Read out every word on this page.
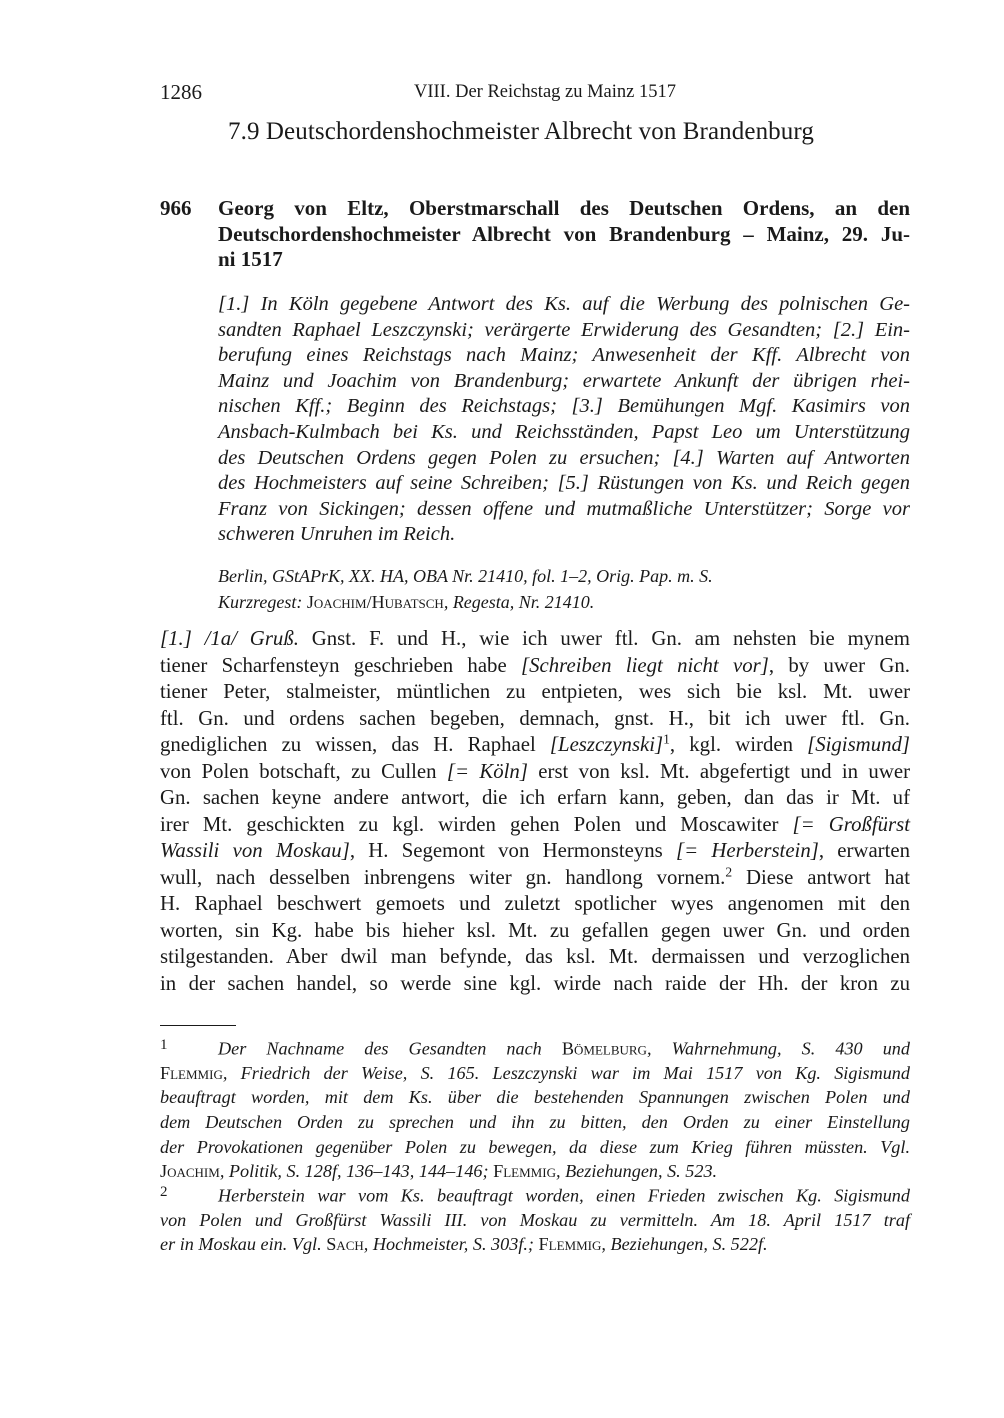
1286	VIII. Der Reichstag zu Mainz 1517
7.9 Deutschordenshochmeister Albrecht von Brandenburg
966 Georg von Eltz, Oberstmarschall des Deutschen Ordens, an den
Deutschordenshochmeister Albrecht von Brandenburg – Mainz, 29. Ju-
ni 1517
[1.] In Köln gegebene Antwort des Ks. auf die Werbung des polnischen Ge-
sandten Raphael Leszczynski; verärgerte Erwiderung des Gesandten; [2.] Ein-
berufung eines Reichstags nach Mainz; Anwesenheit der Kff. Albrecht von
Mainz und Joachim von Brandenburg; erwartete Ankunft der übrigen rhei-
nischen Kff.; Beginn des Reichstags; [3.] Bemühungen Mgf. Kasimirs von
Ansbach-Kulmbach bei Ks. und Reichsständen, Papst Leo um Unterstützung
des Deutschen Ordens gegen Polen zu ersuchen; [4.] Warten auf Antworten
des Hochmeisters auf seine Schreiben; [5.] Rüstungen von Ks. und Reich gegen
Franz von Sickingen; dessen offene und mutmaßliche Unterstützer; Sorge vor
schweren Unruhen im Reich.
Berlin, GStAPrK, XX. HA, OBA Nr. 21410, fol. 1–2, Orig. Pap. m. S.
Kurzregest: Joachim/Hubatsch, Regesta, Nr. 21410.
[1.] /1a/ Gruß. Gnst. F. und H., wie ich uwer ftl. Gn. am nehsten bie mynem
tiener Scharfensteyn geschrieben habe [Schreiben liegt nicht vor], by uwer Gn.
tiener Peter, stalmeister, müntlichen zu entpieten, wes sich bie ksl. Mt. uwer
ftl. Gn. und ordens sachen begeben, demnach, gnst. H., bit ich uwer ftl. Gn.
gnediglichen zu wissen, das H. Raphael [Leszczynski]$^1$, kgl. wirden [Sigismund]
von Polen botschaft, zu Cullen [= Köln] erst von ksl. Mt. abgefertigt und in uwer
Gn. sachen keyne andere antwort, die ich erfarn kann, geben, dan das ir Mt. uf
irer Mt. geschickten zu kgl. wirden gehen Polen und Moscawiter [= Großfürst
Wassili von Moskau], H. Segemont von Hermonsteyns [= Herberstein], erwarten
wull, nach desselben inbrengens witer gn. handlong vornem.$^2$ Diese antwort hat
H. Raphael beschwert gemoets und zuletzt spotlicher wyes angenomen mit den
worten, sin Kg. habe bis hieher ksl. Mt. zu gefallen gegen uwer Gn. und orden
stilgestanden. Aber dwil man befynde, das ksl. Mt. dermaissen und verzoglichen
in der sachen handel, so werde sine kgl. wirde nach raide der Hh. der kron zu
1	Der Nachname des Gesandten nach Bömelburg, Wahrnehmung, S. 430 und
Flemmig, Friedrich der Weise, S. 165. Leszczynski war im Mai 1517 von Kg. Sigismund
beauftragt worden, mit dem Ks. über die bestehenden Spannungen zwischen Polen und
dem Deutschen Orden zu sprechen und ihn zu bitten, den Orden zu einer Einstellung
der Provokationen gegenüber Polen zu bewegen, da diese zum Krieg führen müssten. Vgl.
Joachim, Politik, S. 128f, 136–143, 144–146; Flemmig, Beziehungen, S. 523.
2	Herberstein war vom Ks. beauftragt worden, einen Frieden zwischen Kg. Sigismund
von Polen und Großfürst Wassili III. von Moskau zu vermitteln. Am 18. April 1517 traf
er in Moskau ein. Vgl. Sach, Hochmeister, S. 303f.; Flemmig, Beziehungen, S. 522f.
